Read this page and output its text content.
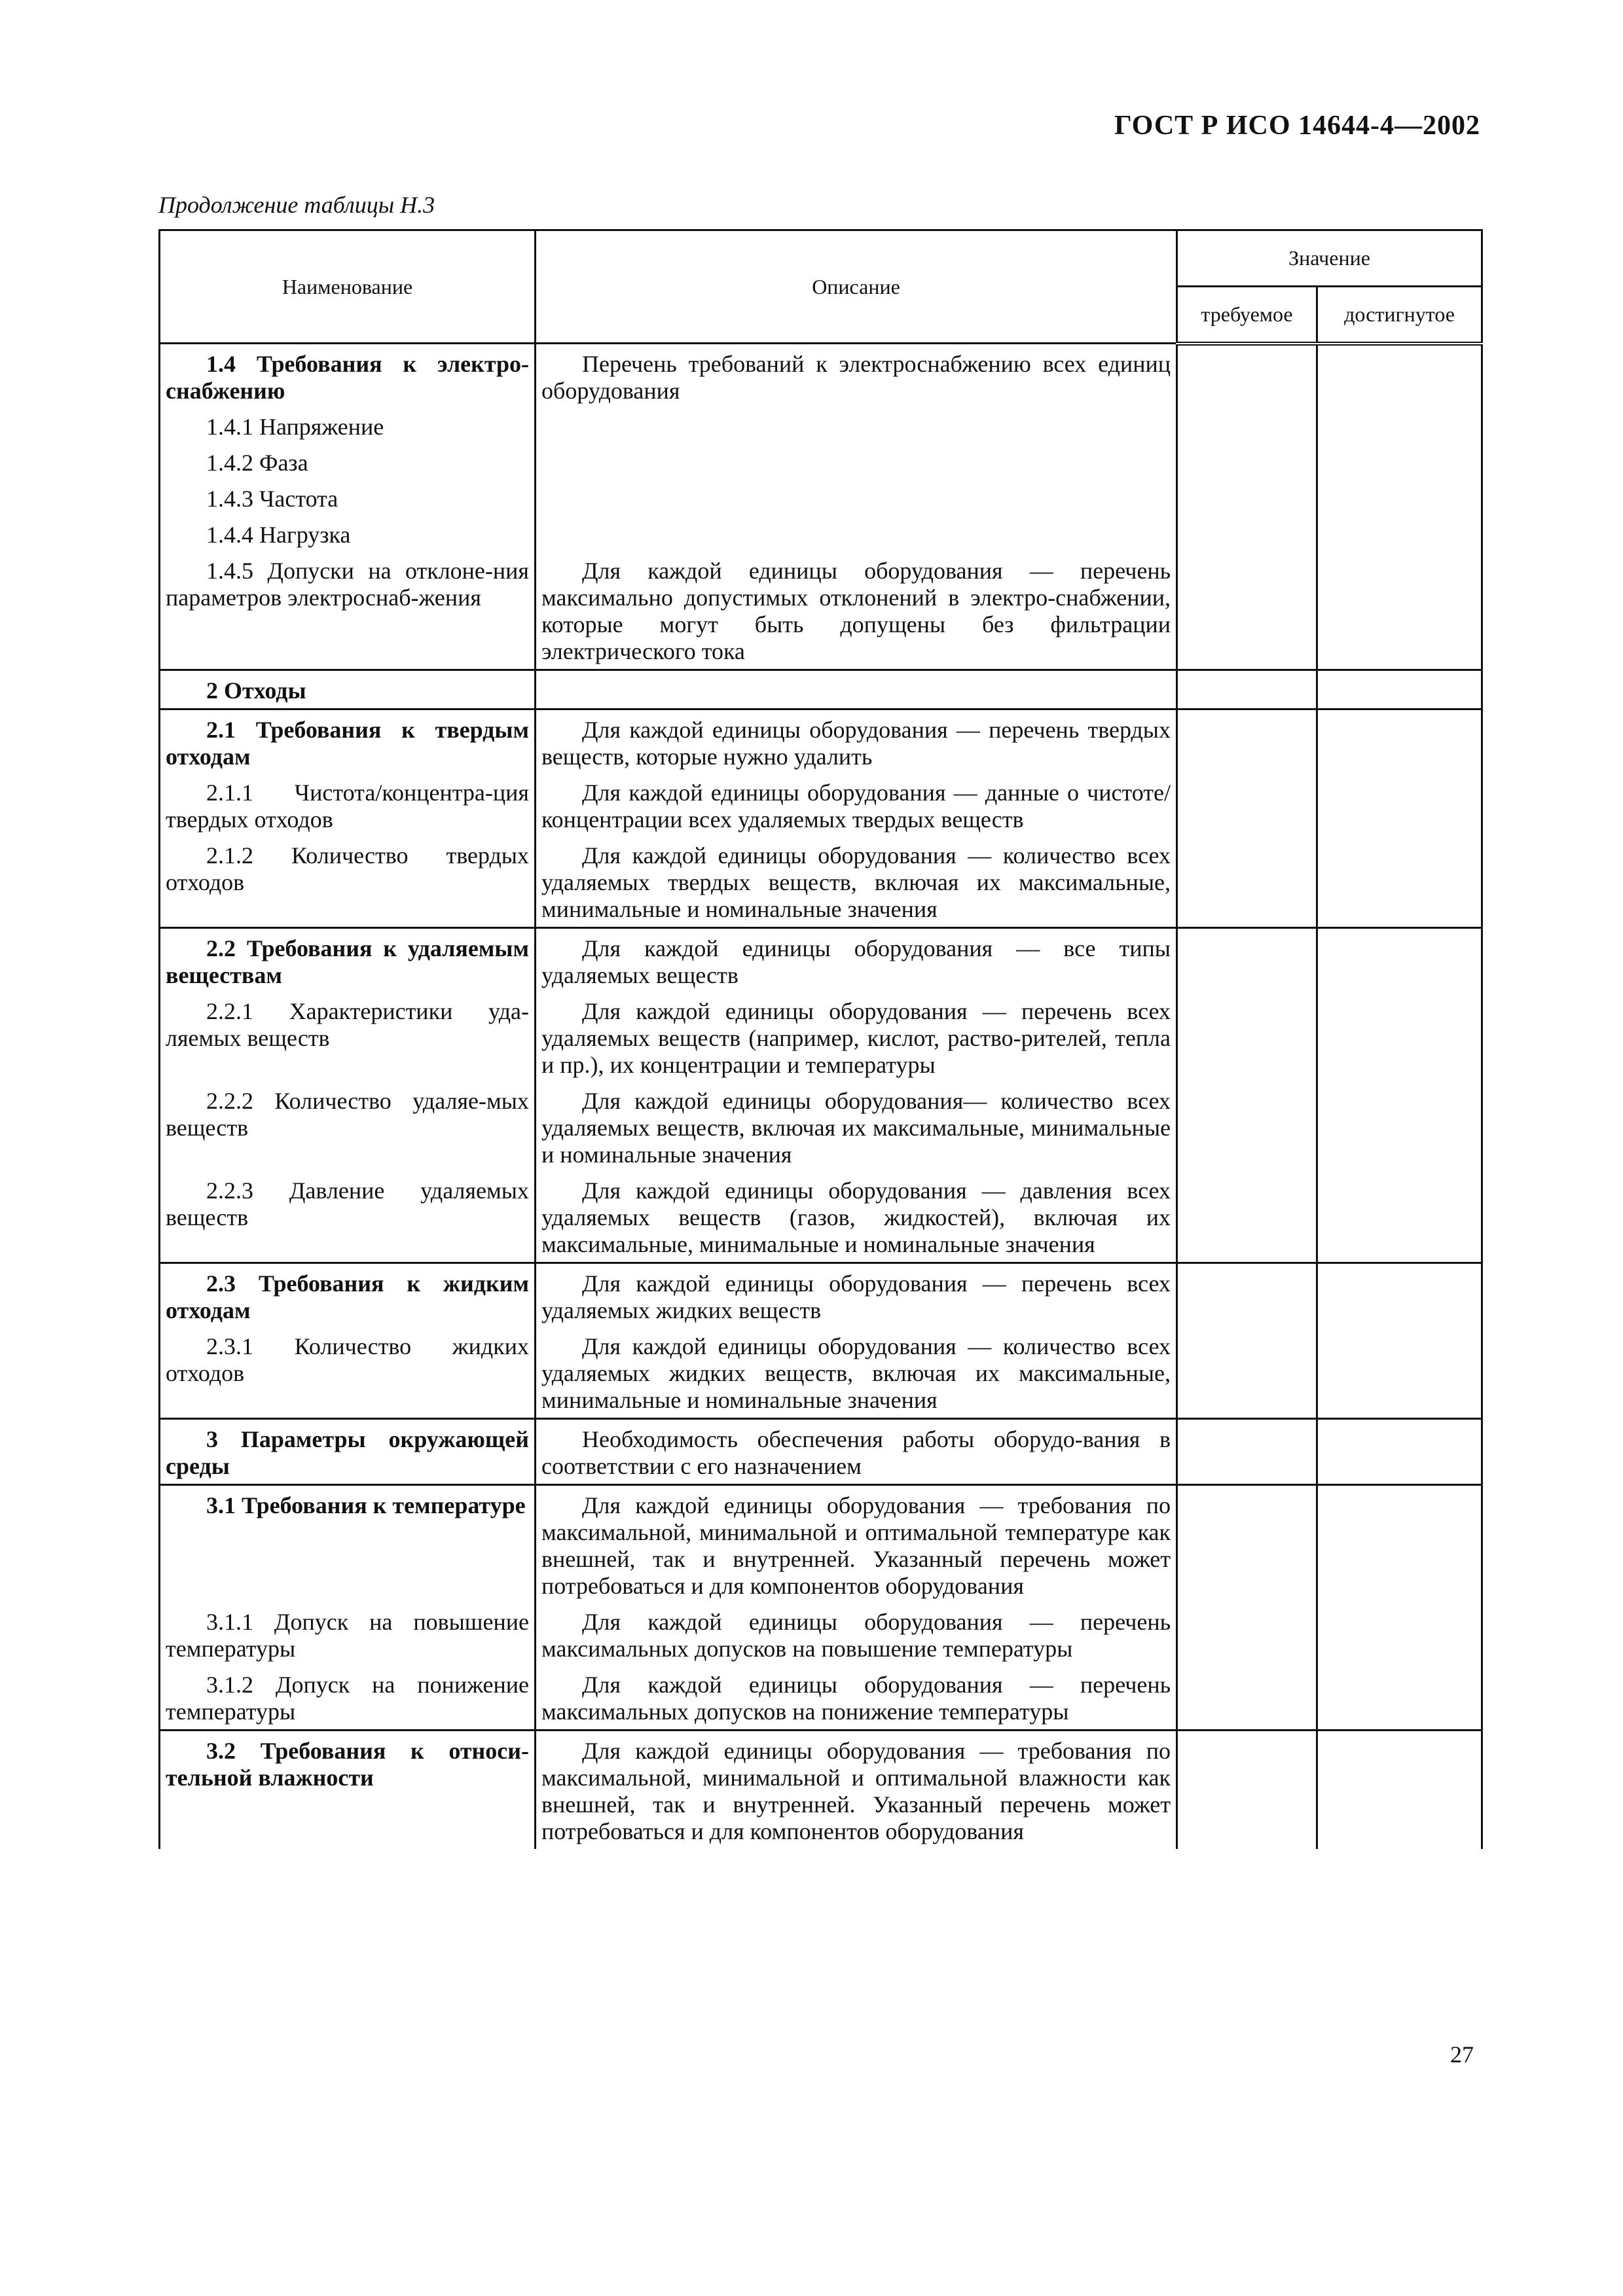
ГОСТ Р ИСО 14644-4—2002
Продолжение таблицы Н.3
Наименование	Описание	Значение	
		требуемое	достигнутое

1.4 Требования к электро-снабжению	Перечень требований к электроснабжению всех единиц оборудования		

1.4.1 Напряжение			

1.4.2 Фаза			

1.4.3 Частота			

1.4.4 Нагрузка			

1.4.5 Допуски на отклоне-ния параметров электроснаб-жения	Для каждой единицы оборудования — перечень максимально допустимых отклонений в электро-снабжении, которые могут быть допущены без фильтрации электрического тока		

2 Отходы			

2.1 Требования к твердым отходам	Для каждой единицы оборудования — перечень твердых веществ, которые нужно удалить		

2.1.1 Чистота/концентра-ция твердых отходов	Для каждой единицы оборудования — данные о чистоте/концентрации всех удаляемых твердых веществ		

2.1.2 Количество твердых отходов	Для каждой единицы оборудования — количество всех удаляемых твердых веществ, включая их максимальные, минимальные и номинальные значения		

2.2 Требования к удаляемым веществам	Для каждой единицы оборудования — все типы удаляемых веществ		

2.2.1 Характеристики уда-ляемых веществ	Для каждой единицы оборудования — перечень всех удаляемых веществ (например, кислот, раство-рителей, тепла и пр.), их концентрации и температуры		

2.2.2 Количество удаляе-мых веществ	Для каждой единицы оборудования— количество всех удаляемых веществ, включая их максимальные, минимальные и номинальные значения		

2.2.3 Давление удаляемых веществ	Для каждой единицы оборудования — давления всех удаляемых веществ (газов, жидкостей), включая их максимальные, минимальные и номинальные значения		

2.3 Требования к жидким отходам	Для каждой единицы оборудования — перечень всех удаляемых жидких веществ		

2.3.1 Количество жидких отходов	Для каждой единицы оборудования — количество всех удаляемых жидких веществ, включая их максимальные, минимальные и номинальные значения		

3 Параметры окружающей среды	Необходимость обеспечения работы оборудо-вания в соответствии с его назначением		

3.1 Требования к температуре	Для каждой единицы оборудования — требования по максимальной, минимальной и оптимальной температуре как внешней, так и внутренней. Указанный перечень может потребоваться и для компонентов оборудования		

3.1.1 Допуск на повышение температуры	Для каждой единицы оборудования — перечень максимальных допусков на повышение температуры		

3.1.2 Допуск на понижение температуры	Для каждой единицы оборудования — перечень максимальных допусков на понижение температуры		

3.2 Требования к относи-тельной влажности	Для каждой единицы оборудования — требования по максимальной, минимальной и оптимальной влажности как внешней, так и внутренней. Указанный перечень может потребоваться и для компонентов оборудования		

27
